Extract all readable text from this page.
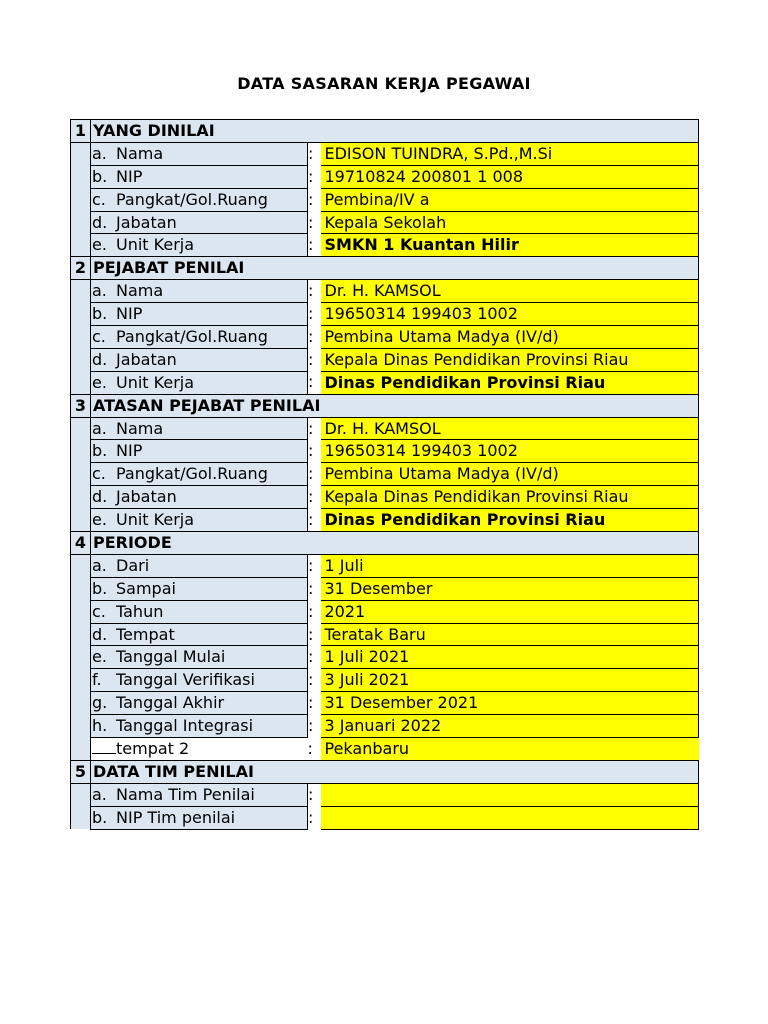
DATA SASARAN KERJA PEGAWAI
1	YANG DINILAI		
	a. Nama	:	EDISON TUINDRA, S.Pd.,M.Si
	b. NIP	:	19710824 200801 1 008
	c. Pangkat/Gol.Ruang	:	Pembina/IV a
	d. Jabatan	:	Kepala Sekolah
	e. Unit Kerja	:	SMKN 1 Kuantan Hilir
2	PEJABAT PENILAI		
	a. Nama	:	Dr. H. KAMSOL
	b. NIP	:	19650314 199403 1002
	c. Pangkat/Gol.Ruang	:	Pembina Utama Madya (IV/d)
	d. Jabatan	:	Kepala Dinas Pendidikan Provinsi Riau
	e. Unit Kerja	:	Dinas Pendidikan Provinsi Riau
3	ATASAN PEJABAT PENILAI		
	a. Nama	:	Dr. H. KAMSOL
	b. NIP	:	19650314 199403 1002
	c. Pangkat/Gol.Ruang	:	Pembina Utama Madya (IV/d)
	d. Jabatan	:	Kepala Dinas Pendidikan Provinsi Riau
	e. Unit Kerja	:	Dinas Pendidikan Provinsi Riau
4	PERIODE		
	a. Dari	:	1 Juli
	b. Sampai	:	31 Desember
	c. Tahun	:	2021
	d. Tempat	:	Teratak Baru
	e. Tanggal Mulai	:	1 Juli 2021
	f. Tanggal Verifikasi	:	3 Juli 2021
	g. Tanggal Akhir	:	31 Desember 2021
	h. Tanggal Integrasi	:	3 Januari 2022
	tempat 2	:	Pekanbaru
5	DATA TIM PENILAI		
	a. Nama Tim Penilai	:	
	b. NIP Tim penilai	:	
